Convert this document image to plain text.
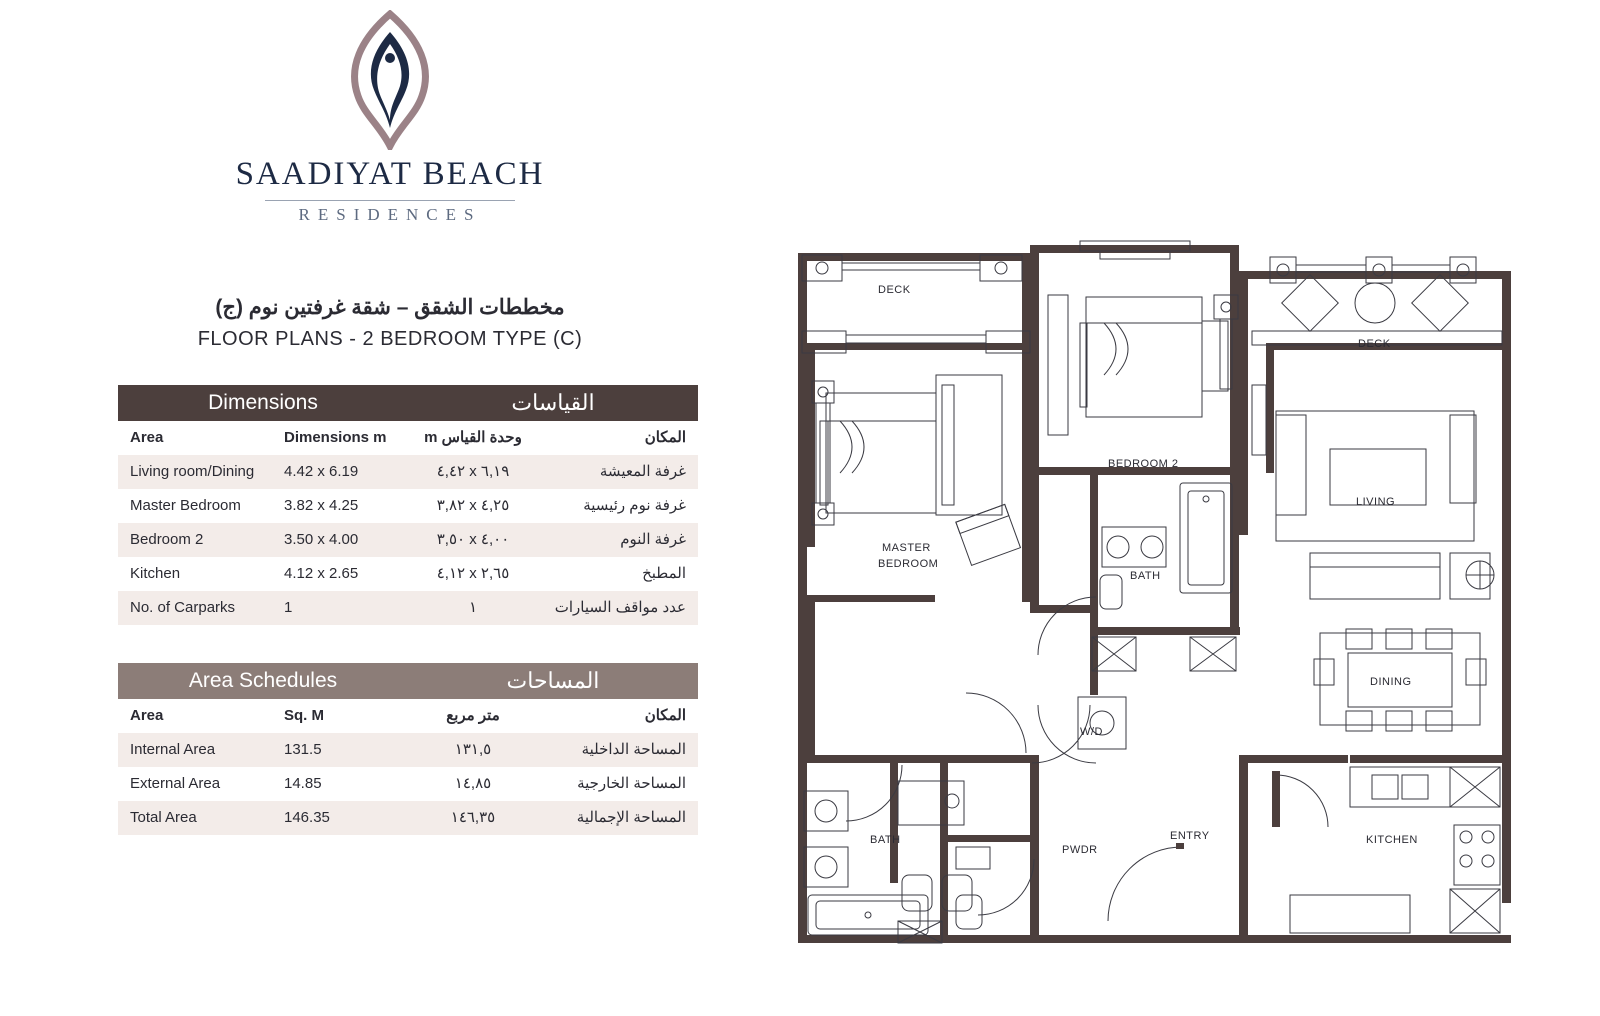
SAADIYAT BEACH
RESIDENCES
مخططات الشقق – شقة غرفتين نوم (ج)
FLOOR PLANS - 2 BEDROOM TYPE (C)
Dimensions	القياسات
Area	Dimensions m	وحدة القياس m	المكان
Living room/Dining	4.42 x 6.19	٦,١٩ x ٤,٤٢	غرفة المعيشة
Master Bedroom	3.82 x 4.25	٤,٢٥ x ٣,٨٢	غرفة نوم رئيسية
Bedroom 2	3.50 x 4.00	٤,٠٠ x ٣,٥٠	غرفة النوم
Kitchen	4.12 x 2.65	٢,٦٥ x ٤,١٢	المطبخ
No. of Carparks	1	١	عدد مواقف السيارات
Area Schedules	المساحات
Area	Sq. M	متر مربع	المكان
Internal Area	131.5	١٣١,٥	المساحة الداخلية
External Area	14.85	١٤,٨٥	المساحة الخارجية
Total Area	146.35	١٤٦,٣٥	المساحة الإجمالية
DECK
DECK
BEDROOM 2
MASTER
BEDROOM
BATH
LIVING
DINING
KITCHEN
ENTRY
PWDR
W/D
BATH
